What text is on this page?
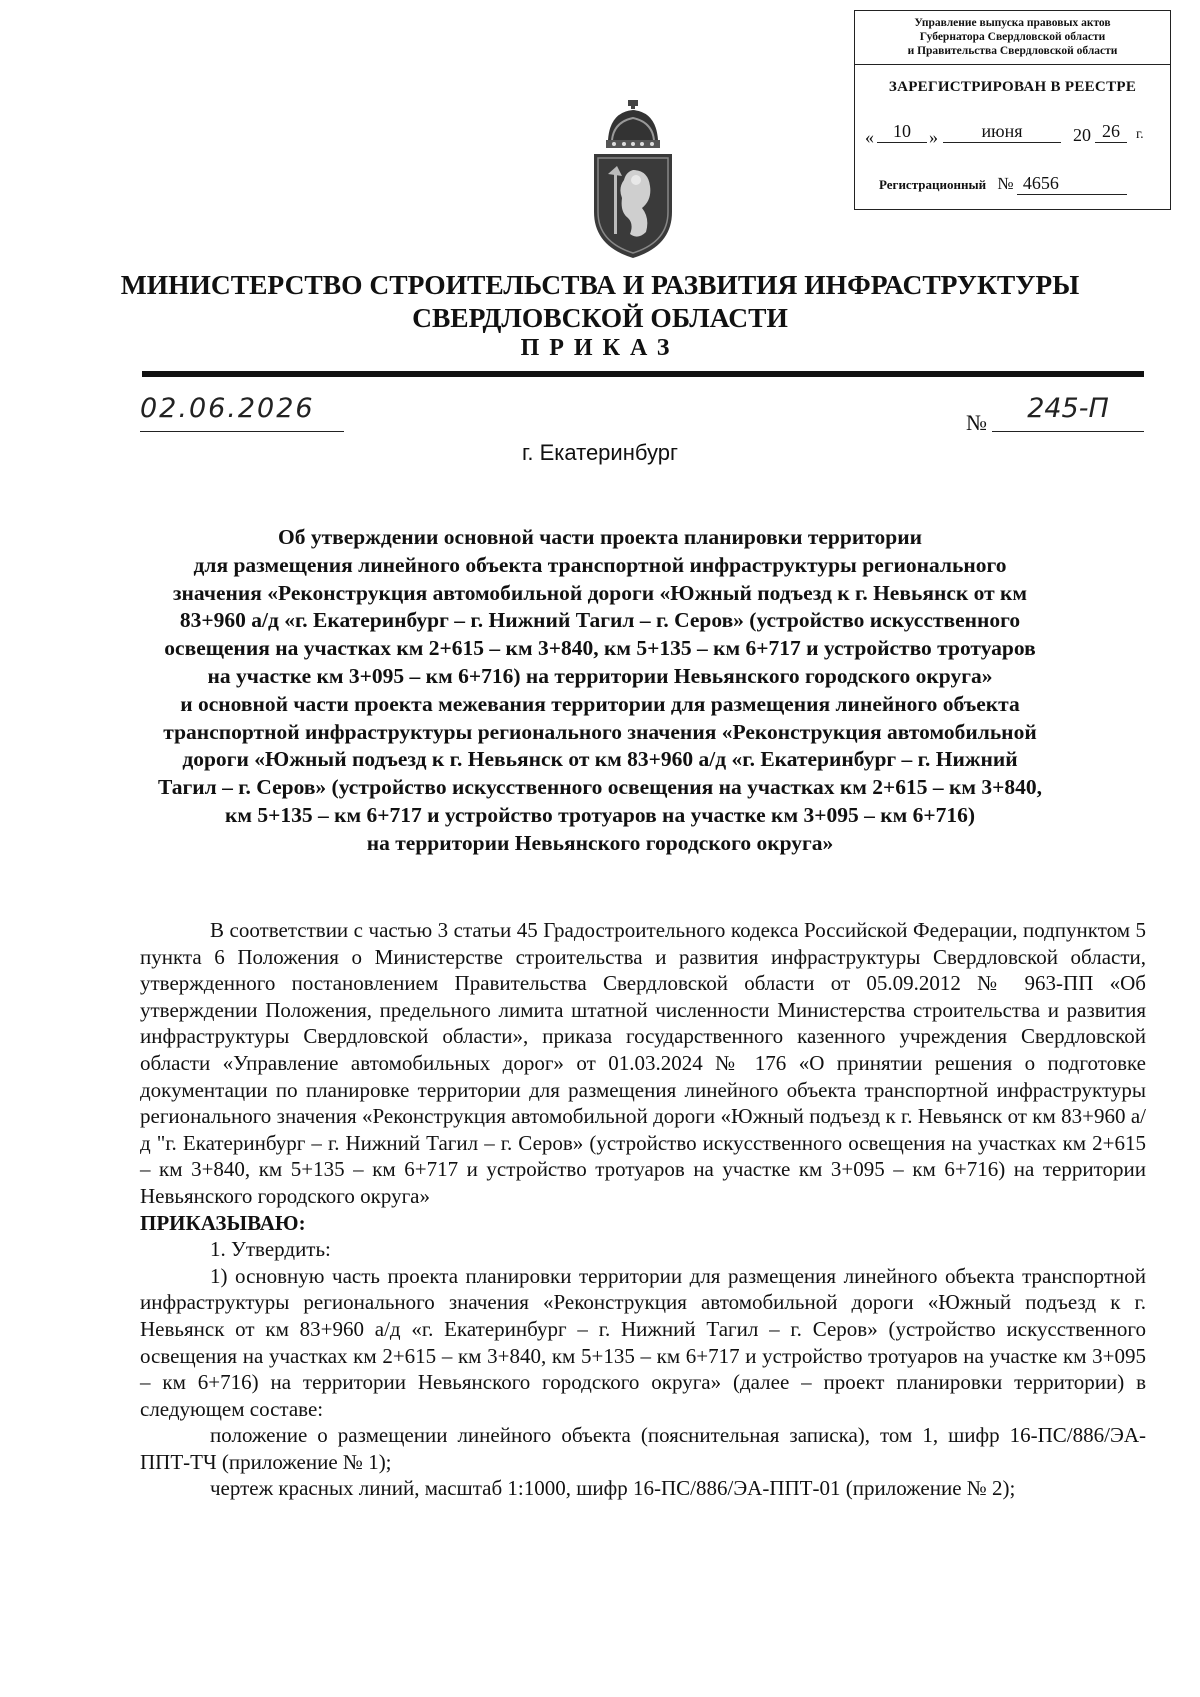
Управление выпуска правовых актов
Губернатора Свердловской области
и Правительства Свердловской области
ЗАРЕГИСТРИРОВАН В РЕЕСТРЕ
«	10	»	июня	20 26	г.
Регистрационный № 4656
МИНИСТЕРСТВО СТРОИТЕЛЬСТВА И РАЗВИТИЯ ИНФРАСТРУКТУРЫ
СВЕРДЛОВСКОЙ ОБЛАСТИ
ПРИКАЗ
02.06.2026	№	245-П
г. Екатеринбург
Об утверждении основной части проекта планировки территории
для размещения линейного объекта транспортной инфраструктуры регионального
значения «Реконструкция автомобильной дороги «Южный подъезд к г. Невьянск от км
83+960 а/д «г. Екатеринбург – г. Нижний Тагил – г. Серов» (устройство искусственного
освещения на участках км 2+615 – км 3+840, км 5+135 – км 6+717 и устройство тротуаров
на участке км 3+095 – км 6+716) на территории Невьянского городского округа»
и основной части проекта межевания территории для размещения линейного объекта
транспортной инфраструктуры регионального значения «Реконструкция автомобильной
дороги «Южный подъезд к г. Невьянск от км 83+960 а/д «г. Екатеринбург – г. Нижний
Тагил – г. Серов» (устройство искусственного освещения на участках км 2+615 – км 3+840,
км 5+135 – км 6+717 и устройство тротуаров на участке км 3+095 – км 6+716)
на территории Невьянского городского округа»

В соответствии с частью 3 статьи 45 Градостроительного кодекса Российской Федерации, подпунктом 5 пункта 6 Положения о Министерстве строительства и развития инфраструктуры Свердловской области, утвержденного постановлением Правительства Свердловской области от 05.09.2012 № 963-ПП «Об утверждении Положения, предельного лимита штатной численности Министерства строительства и развития инфраструктуры Свердловской области», приказа государственного казенного учреждения Свердловской области «Управление автомобильных дорог» от 01.03.2024 № 176 «О принятии решения о подготовке документации по планировке территории для размещения линейного объекта транспортной инфраструктуры регионального значения «Реконструкция автомобильной дороги «Южный подъезд к г. Невьянск от км 83+960 а/д "г. Екатеринбург – г. Нижний Тагил – г. Серов» (устройство искусственного освещения на участках км 2+615 – км 3+840, км 5+135 – км 6+717 и устройство тротуаров на участке км 3+095 – км 6+716) на территории Невьянского городского округа»

ПРИКАЗЫВАЮ:

1. Утвердить:

1) основную часть проекта планировки территории для размещения линейного объекта транспортной инфраструктуры регионального значения «Реконструкция автомобильной дороги «Южный подъезд к г. Невьянск от км 83+960 а/д «г. Екатеринбург – г. Нижний Тагил – г. Серов» (устройство искусственного освещения на участках км 2+615 – км 3+840, км 5+135 – км 6+717 и устройство тротуаров на участке км 3+095 – км 6+716) на территории Невьянского городского округа» (далее – проект планировки территории) в следующем составе:

положение о размещении линейного объекта (пояснительная записка), том 1, шифр 16-ПС/886/ЭА-ППТ-ТЧ (приложение № 1);

чертеж красных линий, масштаб 1:1000, шифр 16-ПС/886/ЭА-ППТ-01 (приложение № 2);
